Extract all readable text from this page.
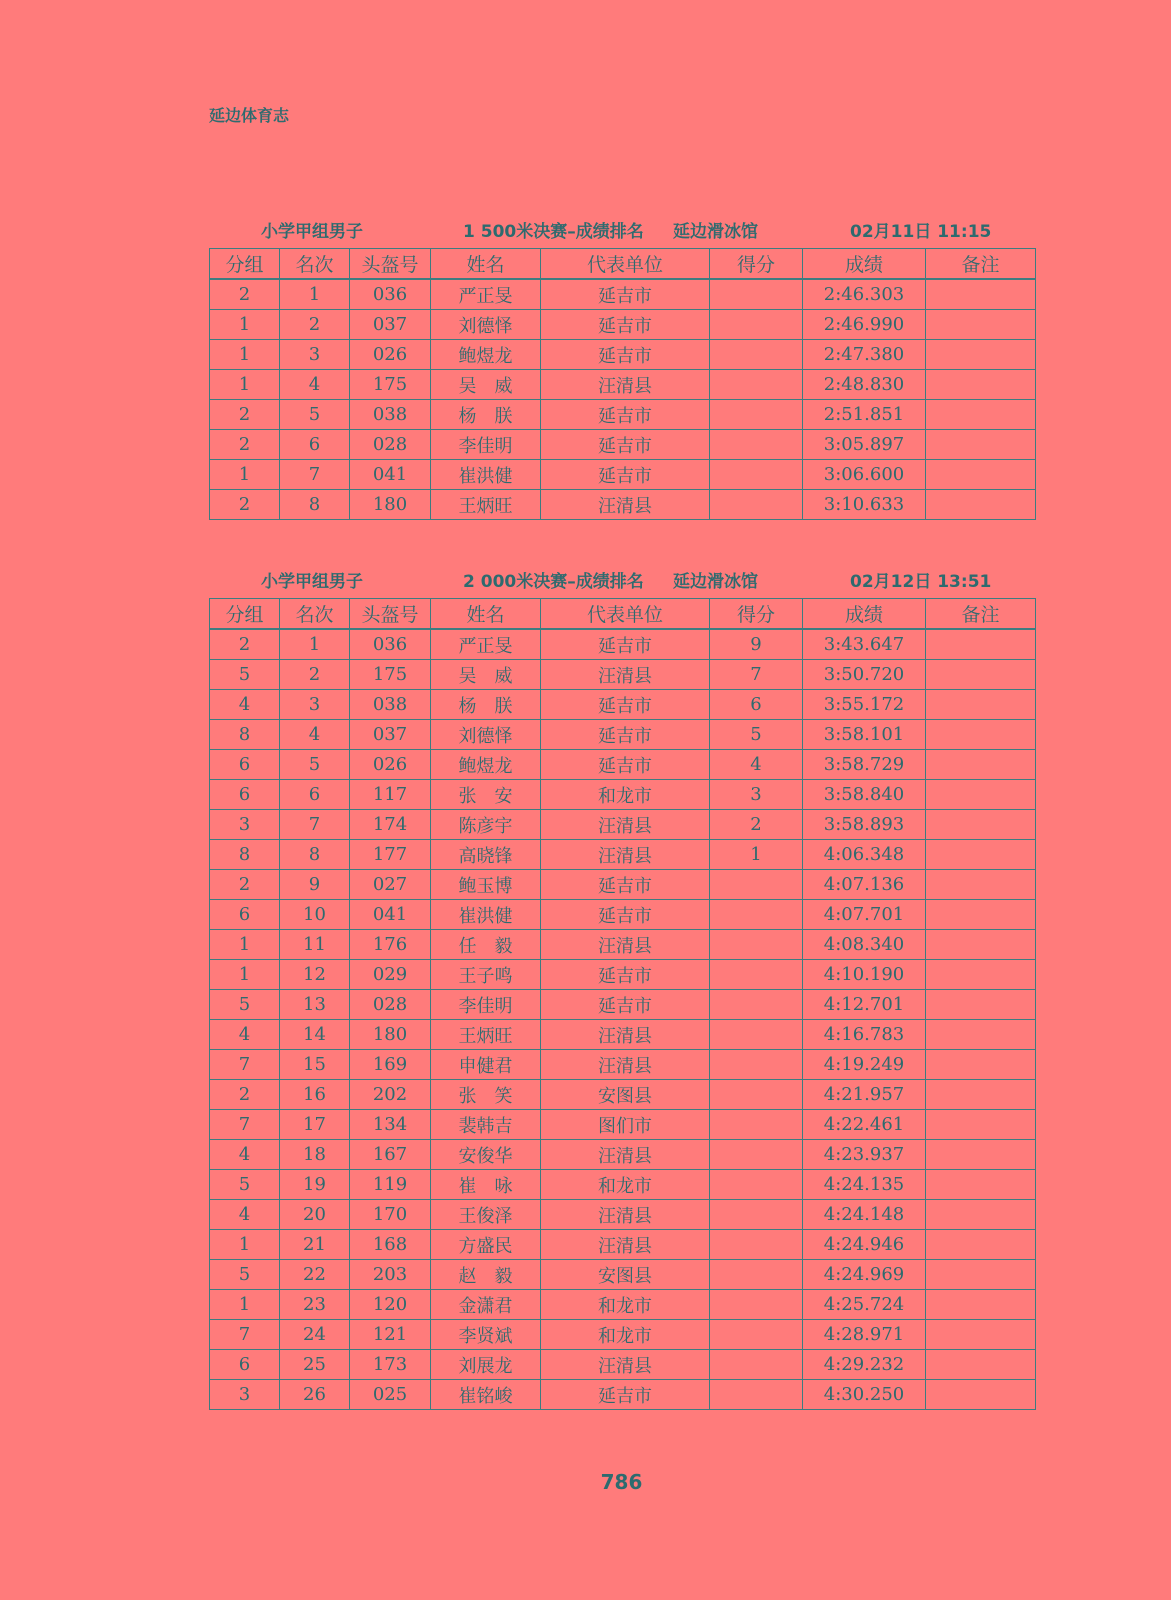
延边体育志
小学甲组男子	1 500米决赛–成绩排名 延边滑冰馆	02月11日 11:15
分组	名次	头盔号	姓名	代表单位	得分	成绩	备注
2	1	036	严正旻	延吉市		2:46.303	
1	2	037	刘德怿	延吉市		2:46.990	
1	3	026	鲍煜龙	延吉市		2:47.380	
1	4	175	吴　威	汪清县		2:48.830	
2	5	038	杨　朕	延吉市		2:51.851	
2	6	028	李佳明	延吉市		3:05.897	
1	7	041	崔洪健	延吉市		3:06.600	
2	8	180	王炳旺	汪清县		3:10.633	
小学甲组男子	2 000米决赛–成绩排名 延边滑冰馆	02月12日 13:51
分组	名次	头盔号	姓名	代表单位	得分	成绩	备注
2	1	036	严正旻	延吉市	9	3:43.647	
5	2	175	吴　威	汪清县	7	3:50.720	
4	3	038	杨　朕	延吉市	6	3:55.172	
8	4	037	刘德怿	延吉市	5	3:58.101	
6	5	026	鲍煜龙	延吉市	4	3:58.729	
6	6	117	张　安	和龙市	3	3:58.840	
3	7	174	陈彦宇	汪清县	2	3:58.893	
8	8	177	高晓锋	汪清县	1	4:06.348	
2	9	027	鲍玉博	延吉市		4:07.136	
6	10	041	崔洪健	延吉市		4:07.701	
1	11	176	任　毅	汪清县		4:08.340	
1	12	029	王子鸣	延吉市		4:10.190	
5	13	028	李佳明	延吉市		4:12.701	
4	14	180	王炳旺	汪清县		4:16.783	
7	15	169	申健君	汪清县		4:19.249	
2	16	202	张　笑	安图县		4:21.957	
7	17	134	裴韩吉	图们市		4:22.461	
4	18	167	安俊华	汪清县		4:23.937	
5	19	119	崔　咏	和龙市		4:24.135	
4	20	170	王俊泽	汪清县		4:24.148	
1	21	168	方盛民	汪清县		4:24.946	
5	22	203	赵　毅	安图县		4:24.969	
1	23	120	金潇君	和龙市		4:25.724	
7	24	121	李贤斌	和龙市		4:28.971	
6	25	173	刘展龙	汪清县		4:29.232	
3	26	025	崔铭峻	延吉市		4:30.250	
786
